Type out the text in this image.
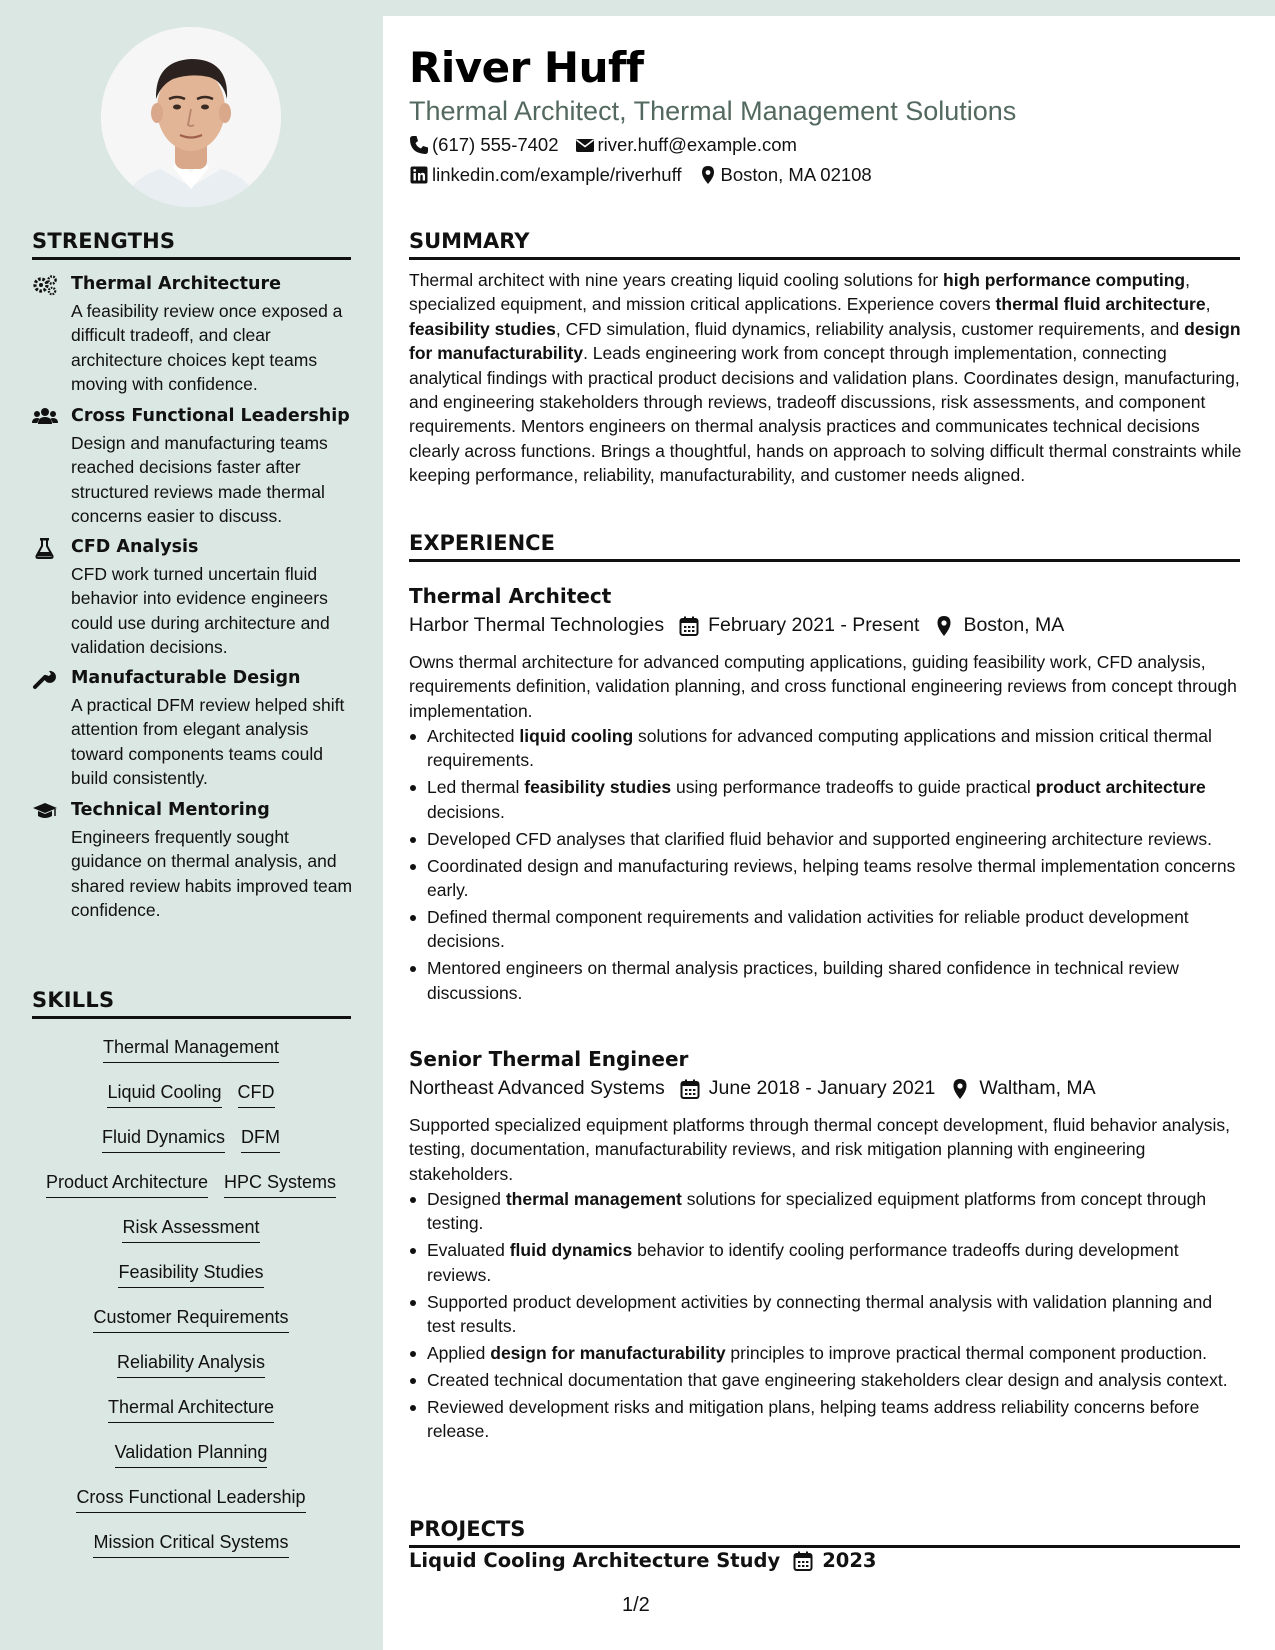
STRENGTHS
Thermal Architecture
A feasibility review once exposed a difficult tradeoff, and clear architecture choices kept teams moving with confidence.
Cross Functional Leadership
Design and manufacturing teams reached decisions faster after structured reviews made thermal concerns easier to discuss.
CFD Analysis
CFD work turned uncertain fluid behavior into evidence engineers could use during architecture and validation decisions.
Manufacturable Design
A practical DFM review helped shift attention from elegant analysis toward components teams could build consistently.
Technical Mentoring
Engineers frequently sought guidance on thermal analysis, and shared review habits improved team confidence.
SKILLS
Thermal Management
Liquid Cooling CFD
Fluid Dynamics DFM
Product Architecture HPC Systems
Risk Assessment
Feasibility Studies
Customer Requirements
Reliability Analysis
Thermal Architecture
Validation Planning
Cross Functional Leadership
Mission Critical Systems
River Huff
Thermal Architect, Thermal Management Solutions
(617) 555-7402 river.huff@example.com
linkedin.com/example/riverhuff Boston, MA 02108
SUMMARY

Thermal architect with nine years creating liquid cooling solutions for high performance computing, specialized equipment, and mission critical applications. Experience covers thermal fluid architecture, feasibility studies, CFD simulation, fluid dynamics, reliability analysis, customer requirements, and design for manufacturability. Leads engineering work from concept through implementation, connecting analytical findings with practical product decisions and validation plans. Coordinates design, manufacturing, and engineering stakeholders through reviews, tradeoff discussions, risk assessments, and component requirements. Mentors engineers on thermal analysis practices and communicates technical decisions clearly across functions. Brings a thoughtful, hands on approach to solving difficult thermal constraints while keeping performance, reliability, manufacturability, and customer needs aligned.

EXPERIENCE
Thermal Architect
Harbor Thermal Technologies February 2021 - Present Boston, MA

Owns thermal architecture for advanced computing applications, guiding feasibility work, CFD analysis, requirements definition, validation planning, and cross functional engineering reviews from concept through implementation.

Architected liquid cooling solutions for advanced computing applications and mission critical thermal requirements.
Led thermal feasibility studies using performance tradeoffs to guide practical product architecture decisions.
Developed CFD analyses that clarified fluid behavior and supported engineering architecture reviews.
Coordinated design and manufacturing reviews, helping teams resolve thermal implementation concerns early.
Defined thermal component requirements and validation activities for reliable product development decisions.
Mentored engineers on thermal analysis practices, building shared confidence in technical review discussions.
Senior Thermal Engineer
Northeast Advanced Systems June 2018 - January 2021 Waltham, MA

Supported specialized equipment platforms through thermal concept development, fluid behavior analysis, testing, documentation, manufacturability reviews, and risk mitigation planning with engineering stakeholders.

Designed thermal management solutions for specialized equipment platforms from concept through testing.
Evaluated fluid dynamics behavior to identify cooling performance tradeoffs during development reviews.
Supported product development activities by connecting thermal analysis with validation planning and test results.
Applied design for manufacturability principles to improve practical thermal component production.
Created technical documentation that gave engineering stakeholders clear design and analysis context.
Reviewed development risks and mitigation plans, helping teams address reliability concerns before release.
PROJECTS
Liquid Cooling Architecture Study 2023
1/2
